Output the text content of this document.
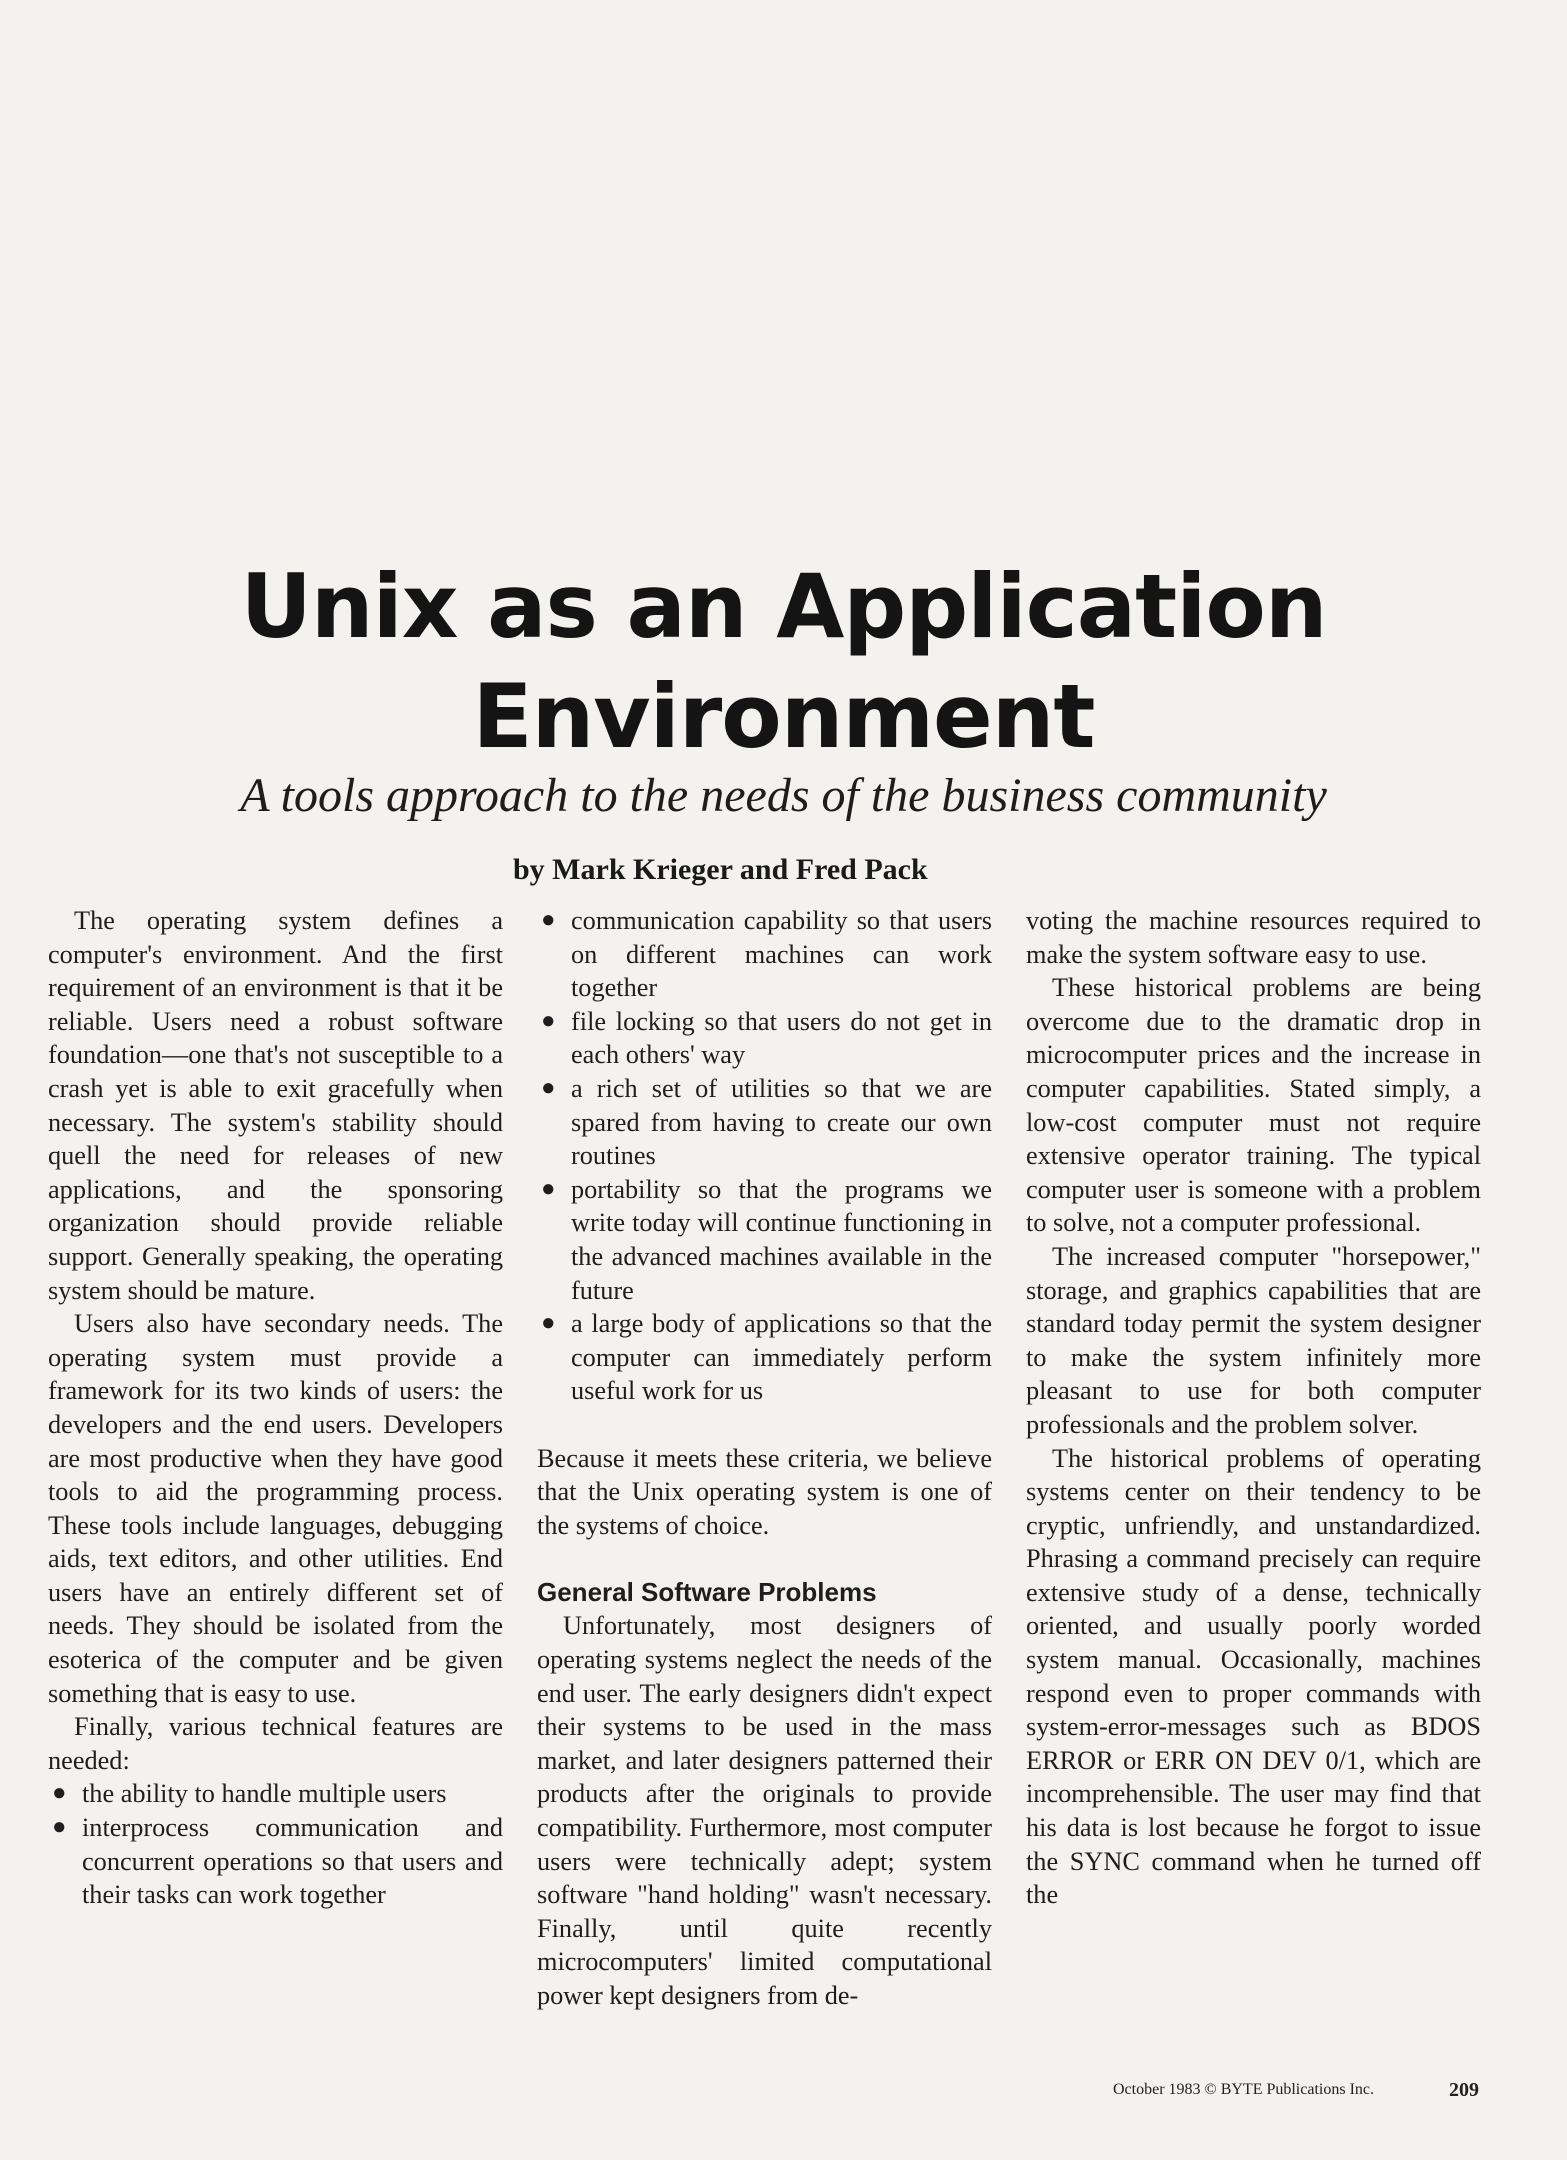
Unix as an Application
Environment
A tools approach to the needs of the business community
by Mark Krieger and Fred Pack

The operating system defines a computer's environment. And the first requirement of an environment is that it be reliable. Users need a robust software foundation—one that's not susceptible to a crash yet is able to exit gracefully when necessary. The system's stability should quell the need for releases of new applications, and the sponsoring organization should provide reliable support. Generally speaking, the operating system should be mature.

Users also have secondary needs. The operating system must provide a framework for its two kinds of users: the developers and the end users. Developers are most productive when they have good tools to aid the programming process. These tools include languages, debugging aids, text editors, and other utilities. End users have an entirely different set of needs. They should be isolated from the esoterica of the computer and be given something that is easy to use.

Finally, various technical features are needed:

● the ability to handle multiple users
● interprocess communication and concurrent operations so that users and their tasks can work together
● communication capability so that users on different machines can work together
● file locking so that users do not get in each others' way
● a rich set of utilities so that we are spared from having to create our own routines
● portability so that the programs we write today will continue functioning in the advanced machines available in the future
● a large body of applications so that the computer can immediately perform useful work for us

Because it meets these criteria, we believe that the Unix operating system is one of the systems of choice.

General Software Problems

Unfortunately, most designers of operating systems neglect the needs of the end user. The early designers didn't expect their systems to be used in the mass market, and later designers patterned their products after the originals to provide compatibility. Furthermore, most computer users were technically adept; system software "hand holding" wasn't necessary. Finally, until quite recently microcomputers' limited computational power kept designers from de-

voting the machine resources required to make the system software easy to use.

These historical problems are being overcome due to the dramatic drop in microcomputer prices and the increase in computer capabilities. Stated simply, a low-cost computer must not require extensive operator training. The typical computer user is someone with a problem to solve, not a computer professional.

The increased computer "horsepower," storage, and graphics capabilities that are standard today permit the system designer to make the system infinitely more pleasant to use for both computer professionals and the problem solver.

The historical problems of operating systems center on their tendency to be cryptic, unfriendly, and unstandardized. Phrasing a command precisely can require extensive study of a dense, technically oriented, and usually poorly worded system manual. Occasionally, machines respond even to proper commands with system-error-messages such as BDOS ERROR or ERR ON DEV 0/1, which are incomprehensible. The user may find that his data is lost because he forgot to issue the SYNC command when he turned off the

October 1983 © BYTE Publications Inc.	209
